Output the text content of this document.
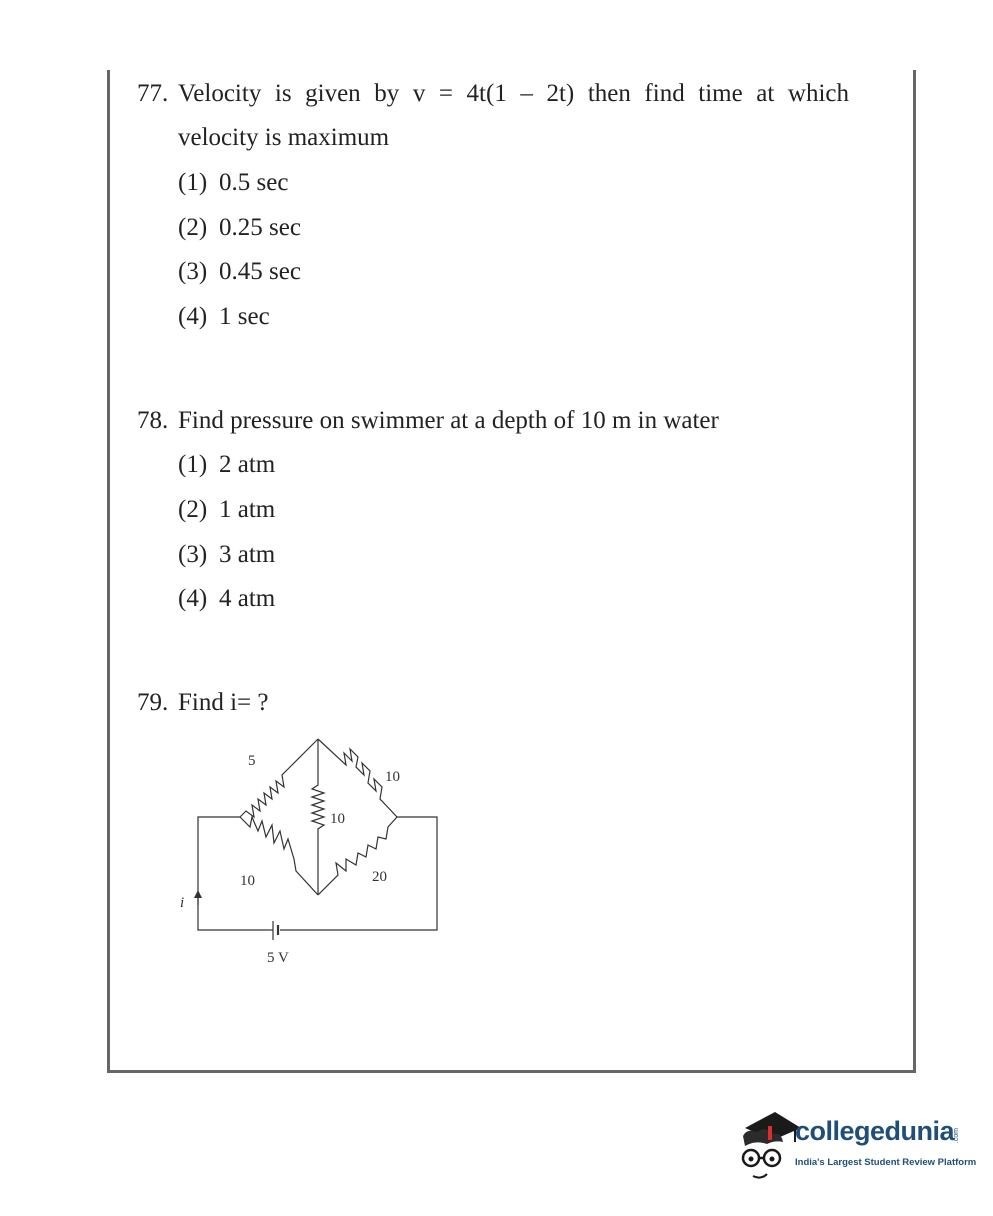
77. Velocity is given by v = 4t(1 – 2t) then find time at which
velocity is maximum
(1) 0.5 sec
(2) 0.25 sec
(3) 0.45 sec
(4) 1 sec
78. Find pressure on swimmer at a depth of 10 m in water
(1) 2 atm
(2) 1 atm
(3) 3 atm
(4) 4 atm
79. Find i= ?
5
10
10
10	20
i
5 V
collegedunia
.com
India's Largest Student Review Platform
